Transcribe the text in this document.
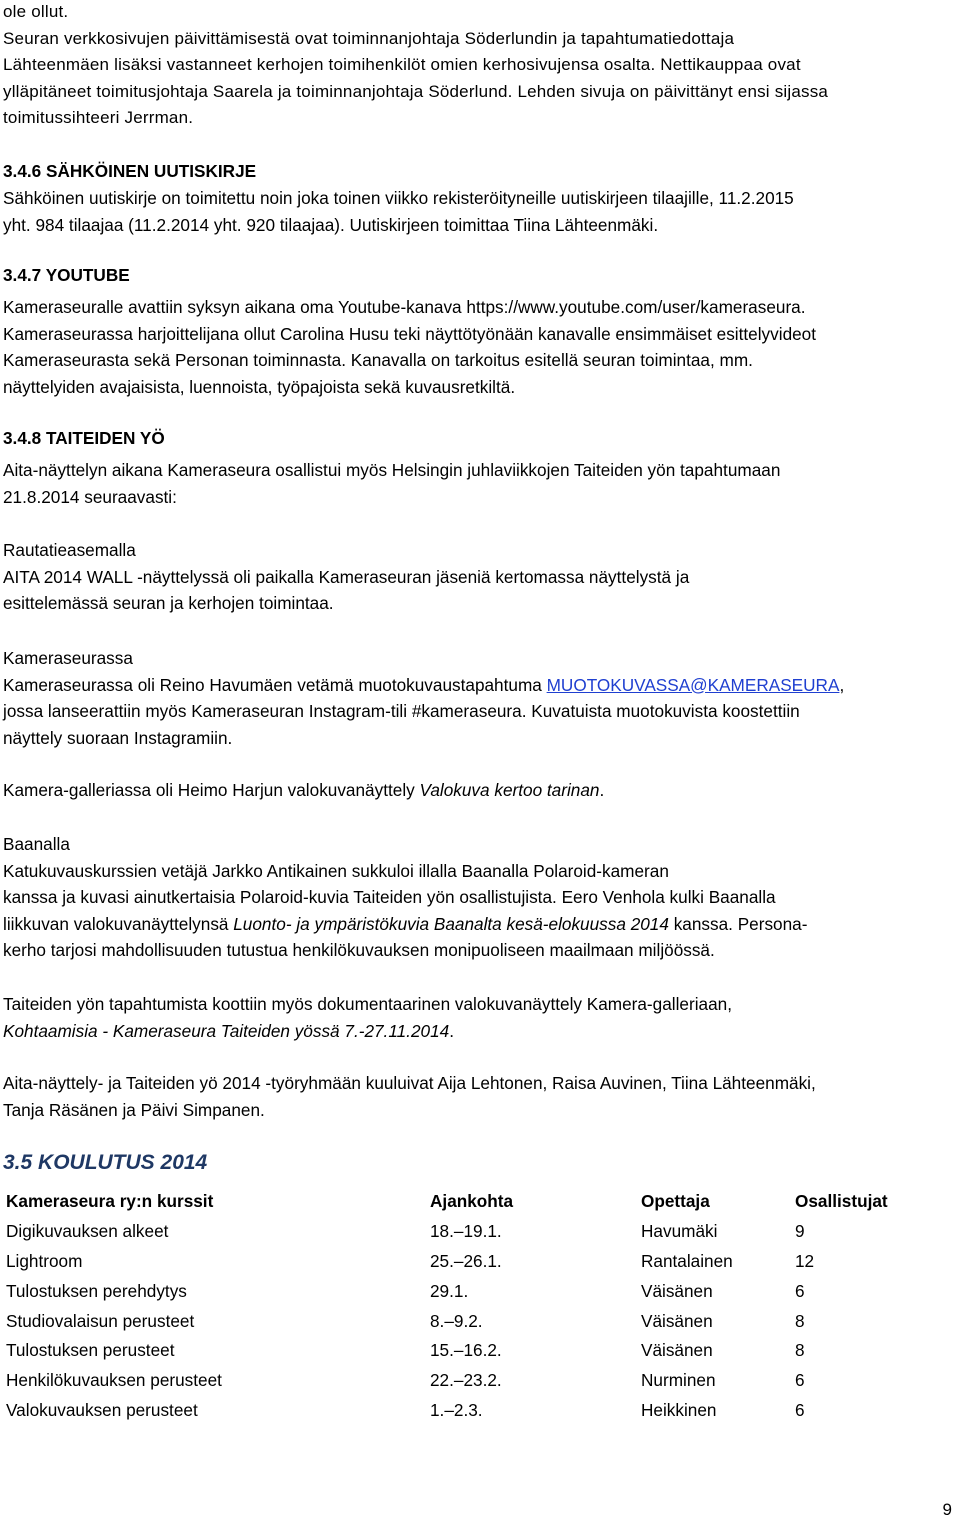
ole ollut.
Seuran verkkosivujen päivittämisestä ovat toiminnanjohtaja Söderlundin ja tapahtumatiedottaja
Lähteenmäen lisäksi vastanneet kerhojen toimihenkilöt omien kerhosivujensa osalta. Nettikauppaa ovat
ylläpitäneet toimitusjohtaja Saarela ja toiminnanjohtaja Söderlund. Lehden sivuja on päivittänyt ensi sijassa
toimitussihteeri Jerrman.
3.4.6 SÄHKÖINEN UUTISKIRJE
Sähköinen uutiskirje on toimitettu noin joka toinen viikko rekisteröityneille uutiskirjeen tilaajille, 11.2.2015
yht. 984 tilaajaa (11.2.2014 yht. 920 tilaajaa). Uutiskirjeen toimittaa Tiina Lähteenmäki.
3.4.7 YOUTUBE
Kameraseuralle avattiin syksyn aikana oma Youtube-kanava https://www.youtube.com/user/kameraseura.
Kameraseurassa harjoittelijana ollut Carolina Husu teki näyttötyönään kanavalle ensimmäiset esittelyvideot
Kameraseurasta sekä Personan toiminnasta. Kanavalla on tarkoitus esitellä seuran toimintaa, mm.
näyttelyiden avajaisista, luennoista, työpajoista sekä kuvausretkiltä.
3.4.8 TAITEIDEN YÖ
Aita-näyttelyn aikana Kameraseura osallistui myös Helsingin juhlaviikkojen Taiteiden yön tapahtumaan
21.8.2014 seuraavasti:
Rautatieasemalla
AITA 2014 WALL -näyttelyssä oli paikalla Kameraseuran jäseniä kertomassa näyttelystä ja
esittelemässä seuran ja kerhojen toimintaa.
Kameraseurassa
Kameraseurassa oli Reino Havumäen vetämä muotokuvaustapahtuma MUOTOKUVASSA@KAMERASEURA,
jossa lanseerattiin myös Kameraseuran Instagram-tili #kameraseura. Kuvatuista muotokuvista koostettiin
näyttely suoraan Instagramiin.
Kamera-galleriassa oli Heimo Harjun valokuvanäyttely Valokuva kertoo tarinan.
Baanalla
Katukuvauskurssien vetäjä Jarkko Antikainen sukkuloi illalla Baanalla Polaroid-kameran
kanssa ja kuvasi ainutkertaisia Polaroid-kuvia Taiteiden yön osallistujista. Eero Venhola kulki Baanalla
liikkuvan valokuvanäyttelynsä Luonto- ja ympäristökuvia Baanalta kesä-elokuussa 2014 kanssa. Persona-
kerho tarjosi mahdollisuuden tutustua henkilökuvauksen monipuoliseen maailmaan miljöössä.
Taiteiden yön tapahtumista koottiin myös dokumentaarinen valokuvanäyttely Kamera-galleriaan,
Kohtaamisia - Kameraseura Taiteiden yössä 7.-27.11.2014.
Aita-näyttely- ja Taiteiden yö 2014 -työryhmään kuuluivat Aija Lehtonen, Raisa Auvinen, Tiina Lähteenmäki,
Tanja Räsänen ja Päivi Simpanen.
3.5 KOULUTUS 2014
Kameraseura ry:n kurssit	Ajankohta	Opettaja	Osallistujat
Digikuvauksen alkeet	18.–19.1.	Havumäki	9
Lightroom	25.–26.1.	Rantalainen	12
Tulostuksen perehdytys	29.1.	Väisänen	6
Studiovalaisun perusteet	8.–9.2.	Väisänen	8
Tulostuksen perusteet	15.–16.2.	Väisänen	8
Henkilökuvauksen perusteet	22.–23.2.	Nurminen	6
Valokuvauksen perusteet	1.–2.3.	Heikkinen	6
9
